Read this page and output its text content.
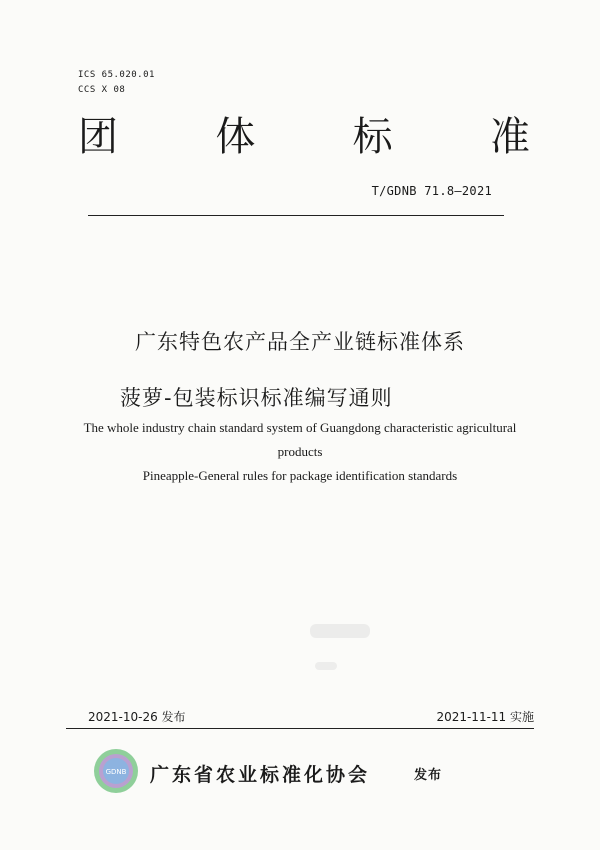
ICS 65.020.01
CCS X 08
团 体 标 准
T/GDNB 71.8—2021
广东特色农产品全产业链标准体系
菠萝-包装标识标准编写通则
The whole industry chain standard system of Guangdong characteristic agricultural
products
Pineapple-General rules for package identification standards
2021-10-26 发布	2021-11-11 实施
GDNB 广东省农业标准化协会	发布
